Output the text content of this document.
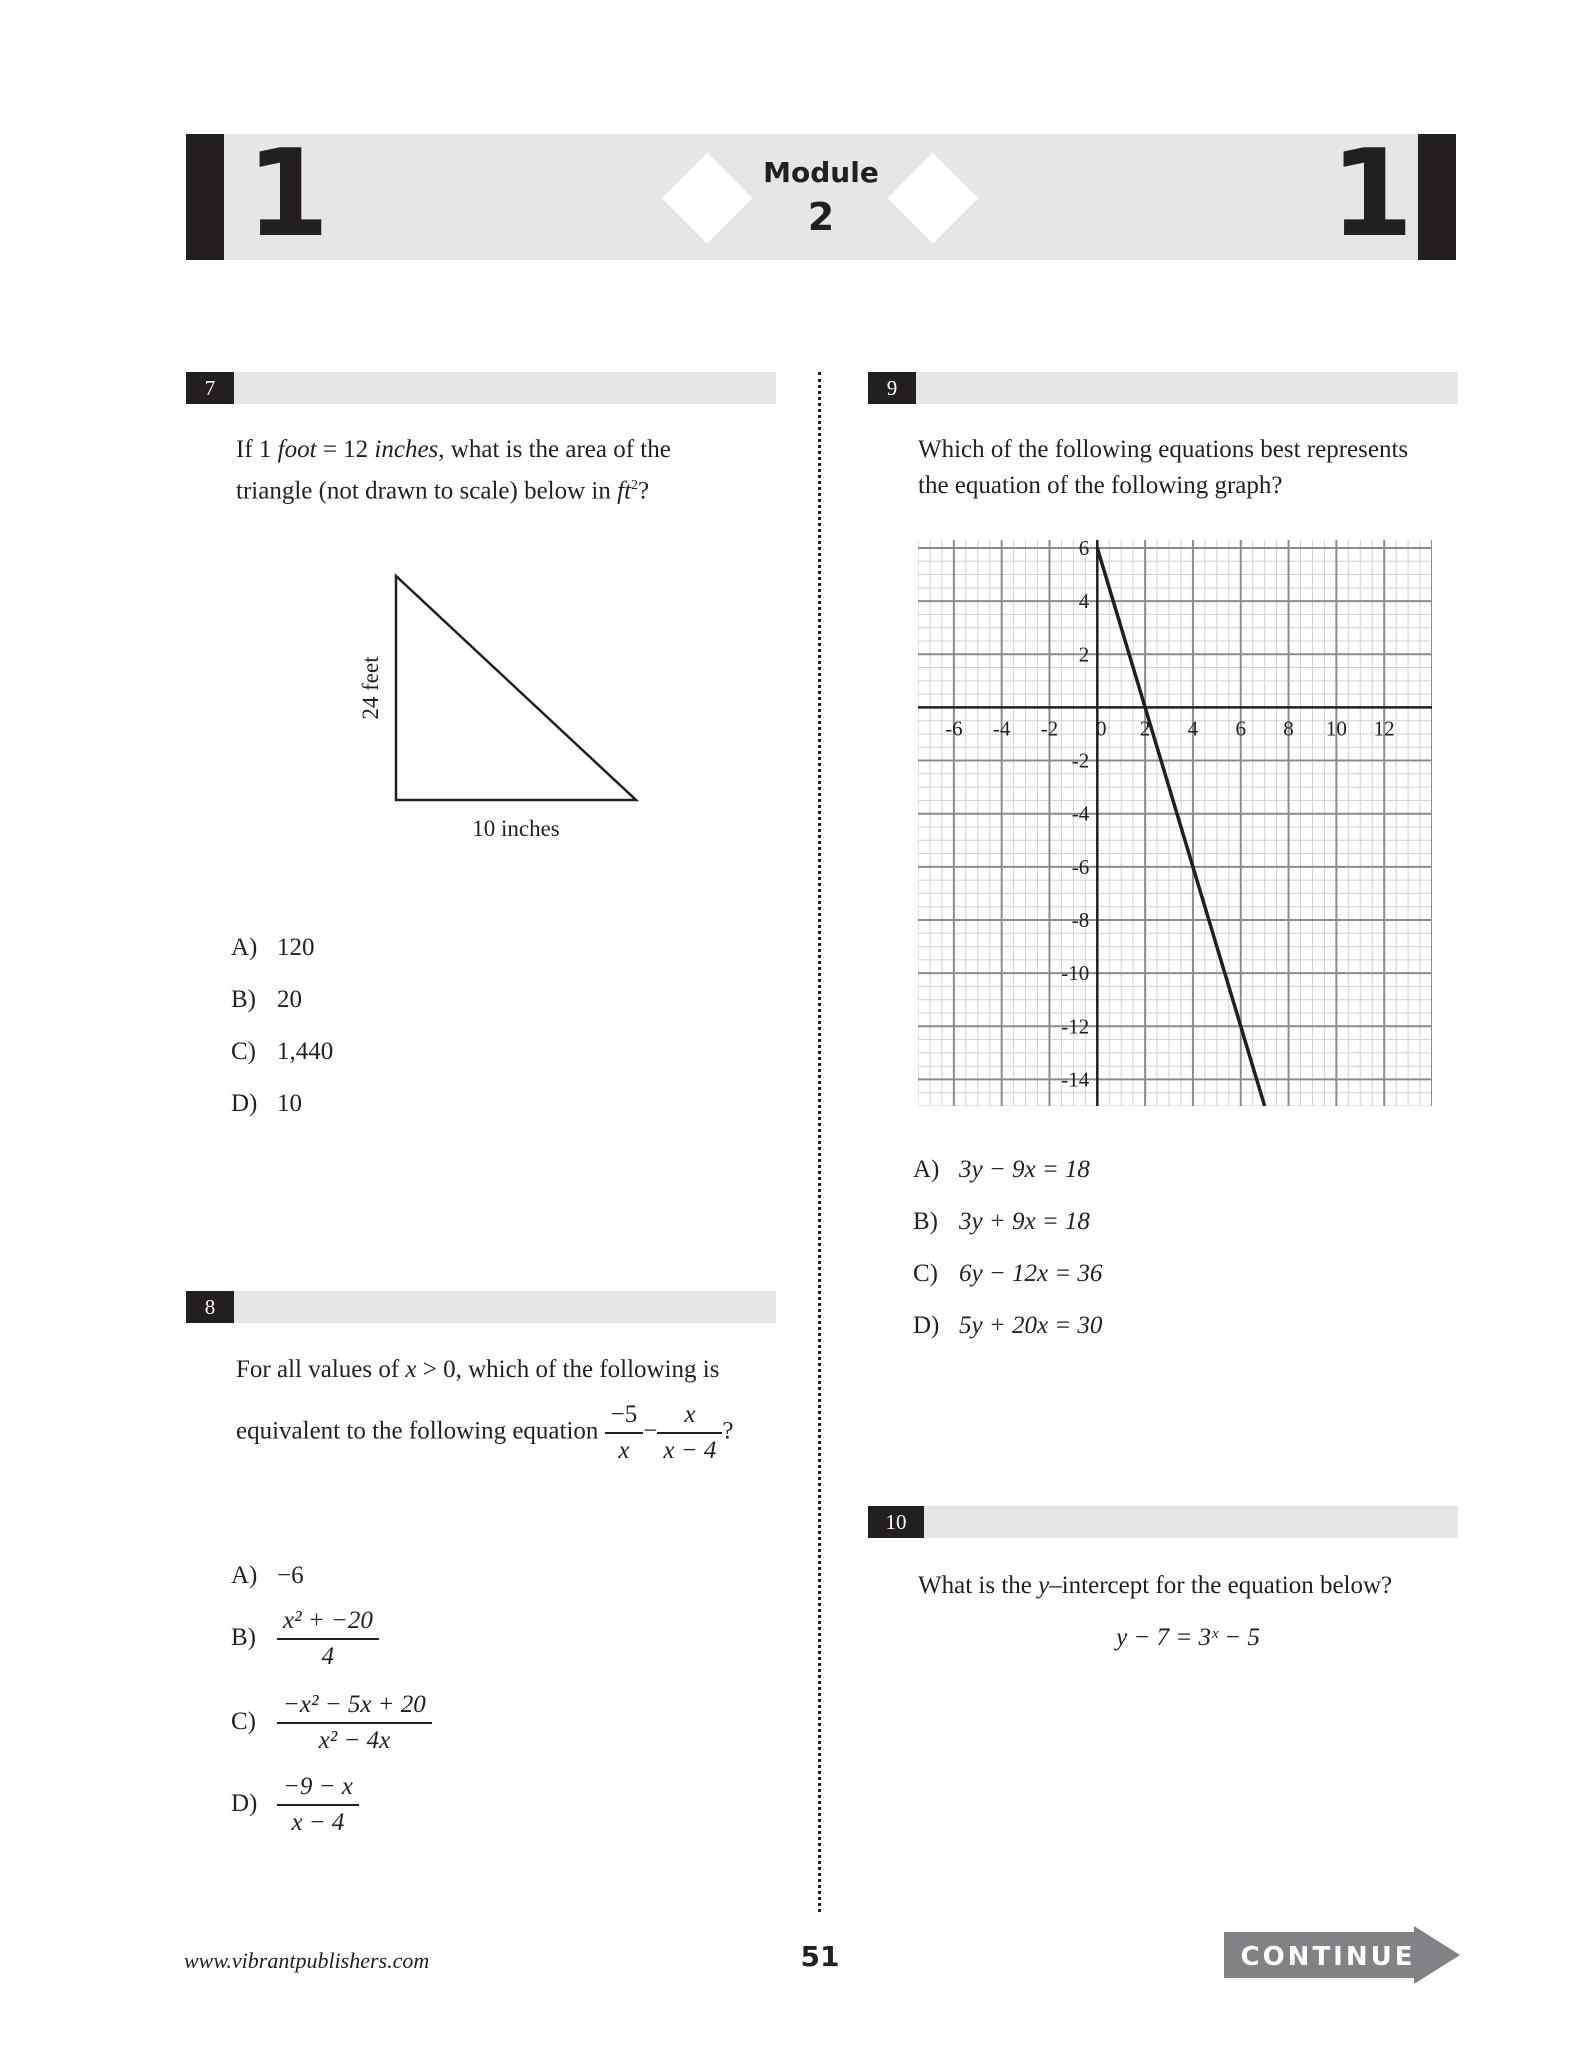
1	1
Module
2
7
If 1 foot = 12 inches, what is the area of the
triangle (not drawn to scale) below in $ft^2$?
24 feet
10 inches
A) 120
B) 20
C) 1,440
D) 10
8
For all values of x > 0, which of the following is
equivalent to the following equation $\frac{-5}{x} - \frac{x}{x - 4}$ ?
A) −6
$B) \frac{\text{x² + −20}}{4}$
$C) \frac{\text{−x² − 5x + 20}}{\text{x² − 4x}}$
$D) \frac{-9 - x}{x - 4}$
9
Which of the following equations best represents
the equation of the following graph?
-6 -4 -2 0 2 4 6 8 10 12
6
4
2
-2
-4
-6
-8
-10
-12
-14
A) 3y − 9x = 18
B) 3y + 9x = 18
C) 6y − 12x = 36
D) 5y + 20x = 30
10
What is the y–intercept for the equation below?
y − 7 = 3ˣ − 5
www.vibrantpublishers.com	51	CONTINUE
